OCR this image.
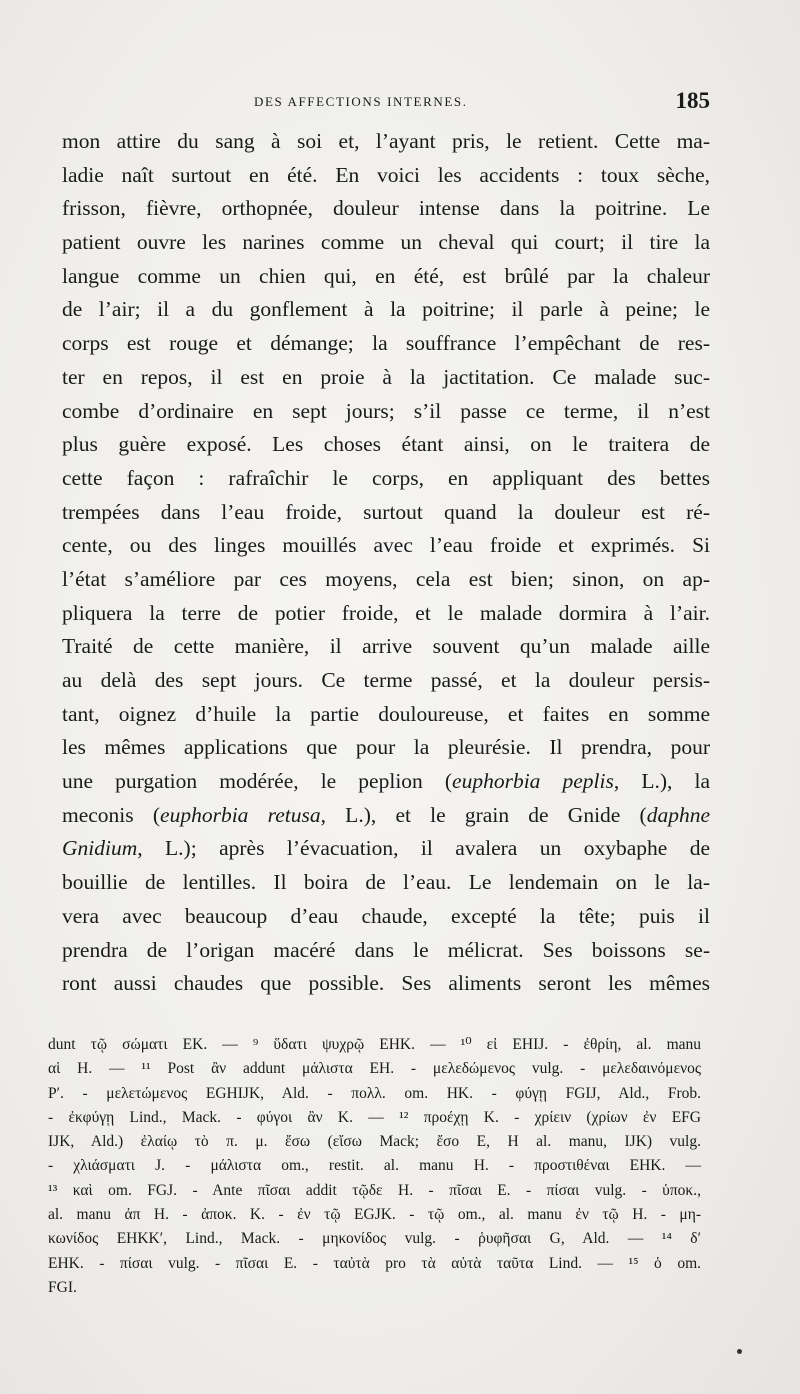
DES AFFECTIONS INTERNES.	185
mon attire du sang à soi et, l’ayant pris, le retient. Cette ma-
ladie naît surtout en été. En voici les accidents : toux sèche,
frisson, fièvre, orthopnée, douleur intense dans la poitrine. Le
patient ouvre les narines comme un cheval qui court; il tire la
langue comme un chien qui, en été, est brûlé par la chaleur
de l’air; il a du gonflement à la poitrine; il parle à peine; le
corps est rouge et démange; la souffrance l’empêchant de res-
ter en repos, il est en proie à la jactitation. Ce malade suc-
combe d’ordinaire en sept jours; s’il passe ce terme, il n’est
plus guère exposé. Les choses étant ainsi, on le traitera de
cette façon : rafraîchir le corps, en appliquant des bettes
trempées dans l’eau froide, surtout quand la douleur est ré-
cente, ou des linges mouillés avec l’eau froide et exprimés. Si
l’état s’améliore par ces moyens, cela est bien; sinon, on ap-
pliquera la terre de potier froide, et le malade dormira à l’air.
Traité de cette manière, il arrive souvent qu’un malade aille
au delà des sept jours. Ce terme passé, et la douleur persis-
tant, oignez d’huile la partie douloureuse, et faites en somme
les mêmes applications que pour la pleurésie. Il prendra, pour
une purgation modérée, le peplion (euphorbia peplis, L.), la
meconis (euphorbia retusa, L.), et le grain de Gnide (daphne
Gnidium, L.); après l’évacuation, il avalera un oxybaphe de
bouillie de lentilles. Il boira de l’eau. Le lendemain on le la-
vera avec beaucoup d’eau chaude, excepté la tête; puis il
prendra de l’origan macéré dans le mélicrat. Ses boissons se-
ront aussi chaudes que possible. Ses aliments seront les mêmes
dunt τῷ σώματι EK. — ⁹ ὕδατι ψυχρῷ EHK. — ¹⁰ εἰ EHIJ. - ἐθρίη, al. manu
αἱ H. — ¹¹ Post ἂν addunt μάλιστα EH. - μελεδώμενος vulg. - μελεδαινόμενος
P′. - μελετώμενος EGHIJK, Ald. - πολλ. om. HK. - φύγῃ FGIJ, Ald., Frob.
- ἐκφύγῃ Lind., Mack. - φύγοι ἂν K. — ¹² προέχῃ K. - χρίειν (χρίων ἐν EFG
IJK, Ald.) ἐλαίῳ τὸ π. μ. ἔσω (εἴσω Mack; ἔσο E, H al. manu, IJK) vulg.
- χλιάσματι J. - μάλιστα om., restit. al. manu H. - προστιθέναι EHK. —
¹³ καὶ om. FGJ. - Ante πῖσαι addit τῷδε H. - πῖσαι E. - πίσαι vulg. - ὑποκ.,
al. manu ἀπ H. - ἀποκ. K. - ἐν τῷ EGJK. - τῷ om., al. manu ἐν τῷ H. - μη-
κωνίδος EHKK′, Lind., Mack. - μηκονίδος vulg. - ῥυφῆσαι G, Ald. — ¹⁴ δ′
EHK. - πίσαι vulg. - πῖσαι E. - ταὐτὰ pro τὰ αὐτὰ ταῦτα Lind. — ¹⁵ ὁ om.
FGI.
